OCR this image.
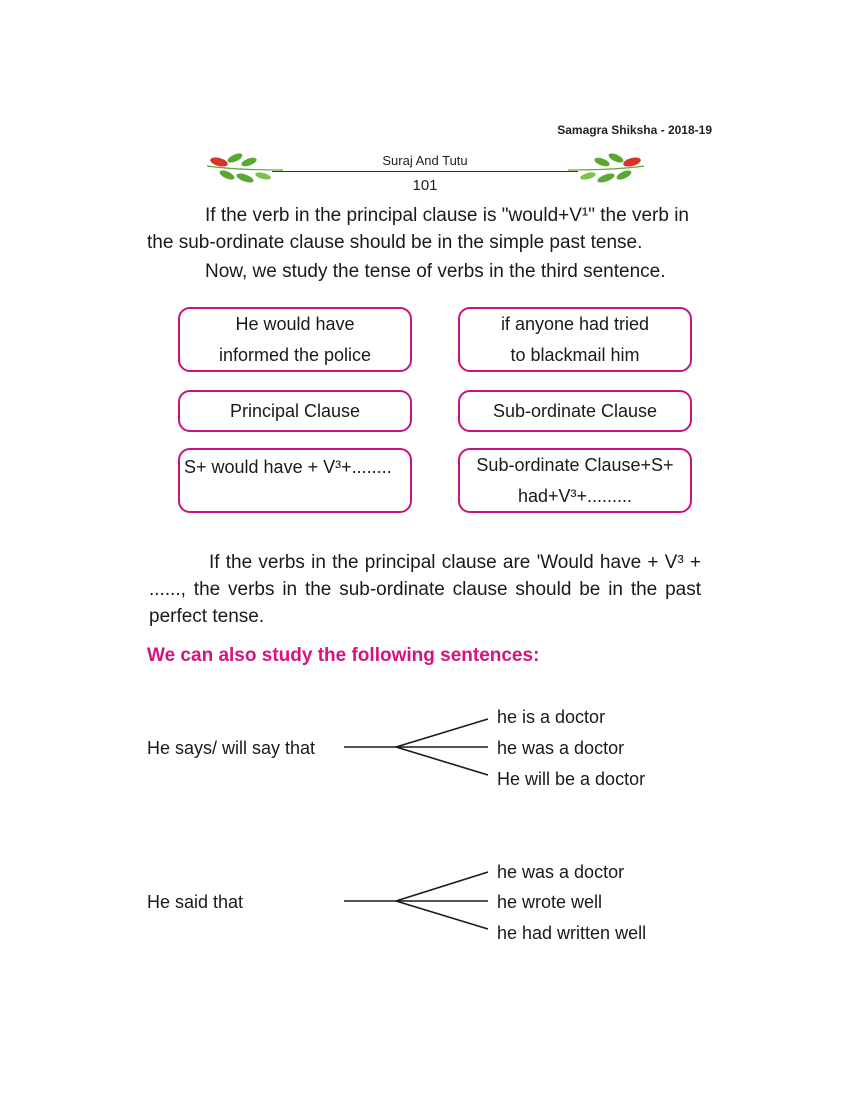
Samagra Shiksha - 2018-19
Suraj And Tutu
101
If the verb in the principal clause is "would+V¹" the verb in the sub-ordinate clause should be in the simple past tense.
Now, we study the tense of verbs in the third sentence.
He would have
informed the police
if anyone had tried
to blackmail him
Principal Clause	Sub-ordinate Clause
S+ would have + V³+........	Sub-ordinate Clause+S+
had+V³+.........
If the verbs in the principal clause are 'Would have + V³ + ......, the verbs in the sub-ordinate clause should be in the past perfect tense.
We can also study the following sentences:
He says/ will say that
he is a doctor
he was a doctor
He will be a doctor
He said that
he was a doctor
he wrote well
he had written well
